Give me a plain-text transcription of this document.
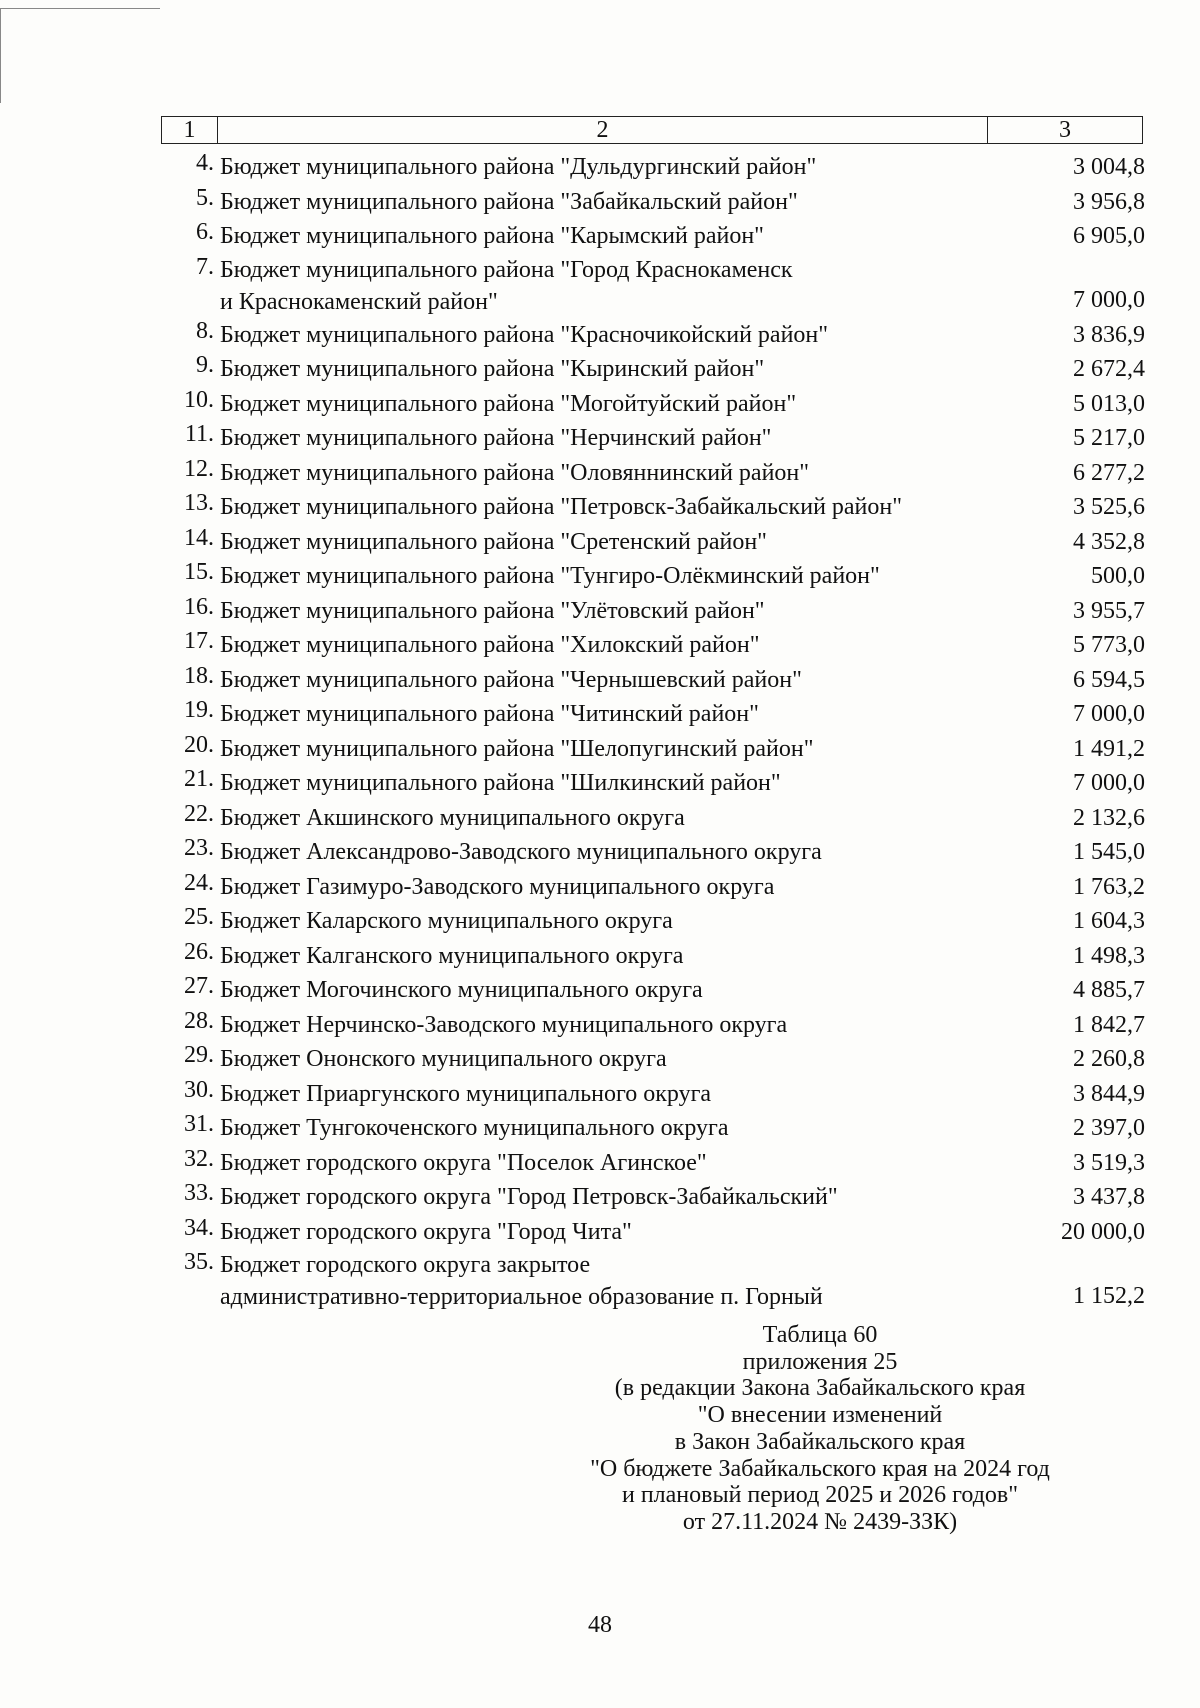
1	2	3
4. Бюджет муниципального района "Дульдургинский район"	3 004,8
5. Бюджет муниципального района "Забайкальский район"	3 956,8
6. Бюджет муниципального района "Карымский район"	6 905,0
7. Бюджет муниципального района "Город Краснокаменск
и Краснокаменский район"	7 000,0
8. Бюджет муниципального района "Красночикойский район"	3 836,9
9. Бюджет муниципального района "Кыринский район"	2 672,4
10. Бюджет муниципального района "Могойтуйский район"	5 013,0
11. Бюджет муниципального района "Нерчинский район"	5 217,0
12. Бюджет муниципального района "Оловяннинский район"	6 277,2
13. Бюджет муниципального района "Петровск-Забайкальский район"	3 525,6
14. Бюджет муниципального района "Сретенский район"	4 352,8
15. Бюджет муниципального района "Тунгиро-Олёкминский район"	500,0
16. Бюджет муниципального района "Улётовский район"	3 955,7
17. Бюджет муниципального района "Хилокский район"	5 773,0
18. Бюджет муниципального района "Чернышевский район"	6 594,5
19. Бюджет муниципального района "Читинский район"	7 000,0
20. Бюджет муниципального района "Шелопугинский район"	1 491,2
21. Бюджет муниципального района "Шилкинский район"	7 000,0
22. Бюджет Акшинского муниципального округа	2 132,6
23. Бюджет Александрово-Заводского муниципального округа	1 545,0
24. Бюджет Газимуро-Заводского муниципального округа	1 763,2
25. Бюджет Каларского муниципального округа	1 604,3
26. Бюджет Калганского муниципального округа	1 498,3
27. Бюджет Могочинского муниципального округа	4 885,7
28. Бюджет Нерчинско-Заводского муниципального округа	1 842,7
29. Бюджет Ононского муниципального округа	2 260,8
30. Бюджет Приаргунского муниципального округа	3 844,9
31. Бюджет Тунгокоченского муниципального округа	2 397,0
32. Бюджет городского округа "Поселок Агинское"	3 519,3
33. Бюджет городского округа "Город Петровск-Забайкальский"	3 437,8
34. Бюджет городского округа "Город Чита"	20 000,0
35. Бюджет городского округа закрытое
административно-территориальное образование п. Горный	1 152,2
Таблица 60
приложения 25
(в редакции Закона Забайкальского края
"О внесении изменений
в Закон Забайкальского края
"О бюджете Забайкальского края на 2024 год
и плановый период 2025 и 2026 годов"
от 27.11.2024 № 2439-ЗЗК)
48
